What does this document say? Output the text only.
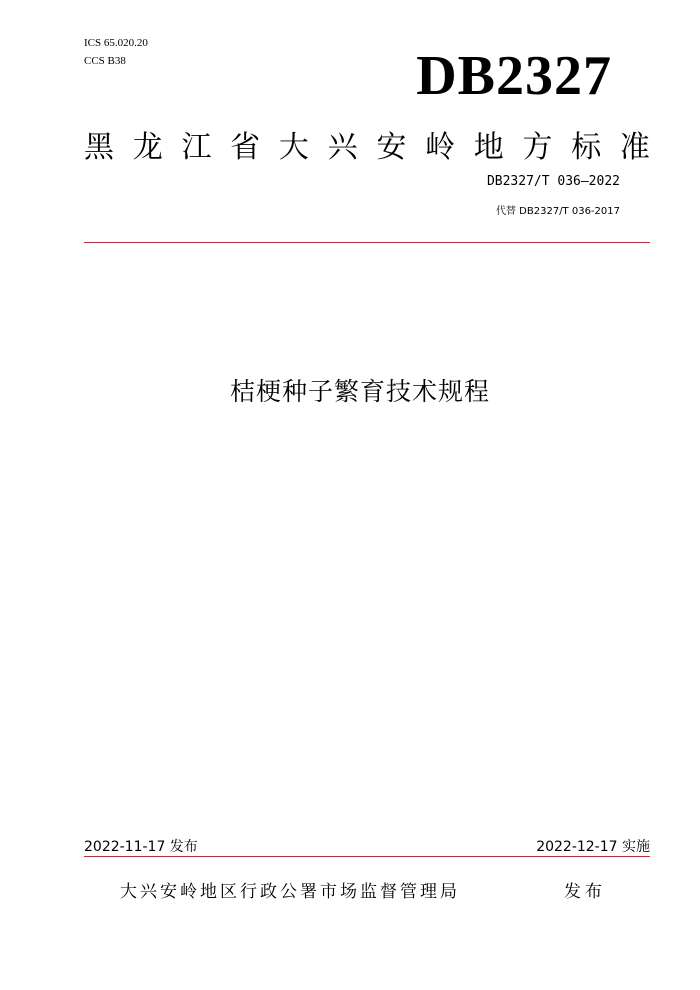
ICS 65.020.20
CCS B38	DB2327
黑 龙 江 省 大 兴 安 岭 地 方 标 准
DB2327/T 036—2022
代替 DB2327/T 036-2017
桔梗种子繁育技术规程
2022-11-17 发布	2022-12-17 实施
大兴安岭地区行政公署市场监督管理局	发布
